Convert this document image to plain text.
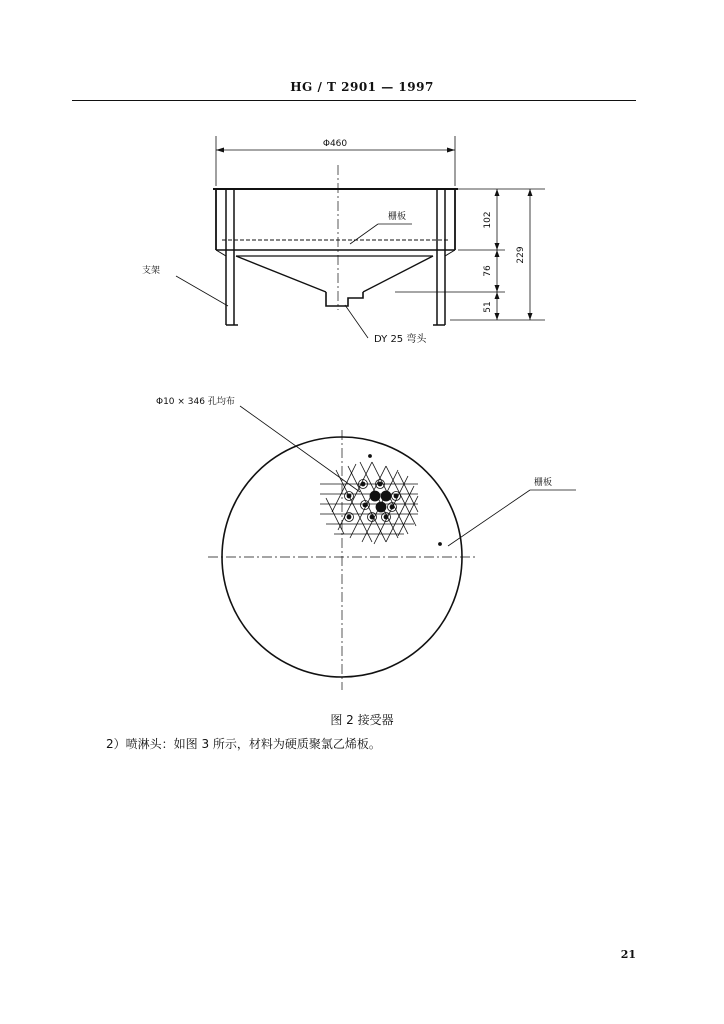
HG / T 2901 — 1997
Φ460
栅板
支架
DY 25 弯头
102
76
51
229
Φ10 × 346 孔均布
栅板
图 2 接受器
2）喷淋头：如图 3 所示，材料为硬质聚氯乙烯板。
21
